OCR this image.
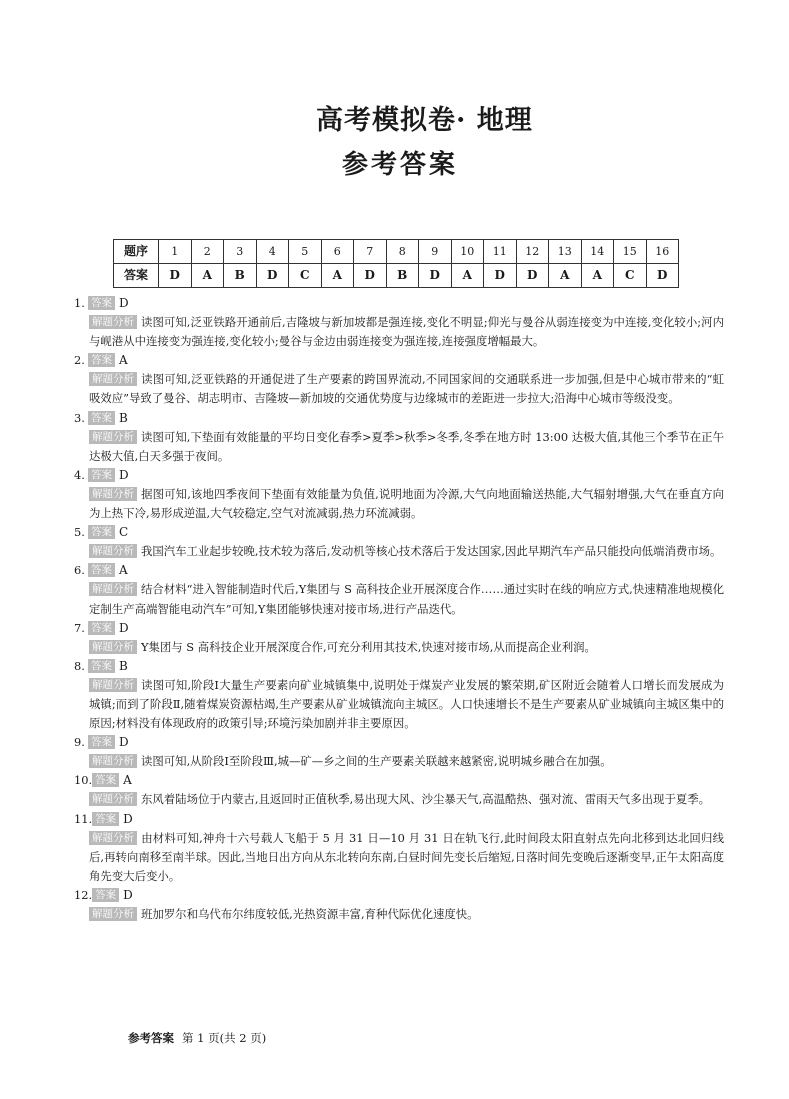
高考模拟卷· 地理
参考答案
题序	1	2	3	4	5	6	7	8	9	10	11	12	13	14	15	16
答案	D	A	B	D	C	A	D	B	D	A	D	D	A	A	C	D
1. 答案 D
解题分析 读图可知,泛亚铁路开通前后,吉隆坡与新加坡都是强连接,变化不明显;仰光与曼谷从弱连接变为中连接,变化较小;河内与岘港从中连接变为强连接,变化较小;曼谷与金边由弱连接变为强连接,连接强度增幅最大。
2. 答案 A
解题分析 读图可知,泛亚铁路的开通促进了生产要素的跨国界流动,不同国家间的交通联系进一步加强,但是中心城市带来的“虹吸效应”导致了曼谷、胡志明市、吉隆坡—新加坡的交通优势度与边缘城市的差距进一步拉大;沿海中心城市等级没变。
3. 答案 B
解题分析 读图可知,下垫面有效能量的平均日变化春季>夏季>秋季>冬季,冬季在地方时 13:00 达极大值,其他三个季节在正午达极大值,白天多强于夜间。
4. 答案 D
解题分析 据图可知,该地四季夜间下垫面有效能量为负值,说明地面为冷源,大气向地面输送热能,大气辐射增强,大气在垂直方向为上热下冷,易形成逆温,大气较稳定,空气对流减弱,热力环流减弱。
5. 答案 C
解题分析 我国汽车工业起步较晚,技术较为落后,发动机等核心技术落后于发达国家,因此早期汽车产品只能投向低端消费市场。
6. 答案 A
解题分析 结合材料“进入智能制造时代后,Y集团与 S 高科技企业开展深度合作……通过实时在线的响应方式,快速精准地规模化定制生产高端智能电动汽车”可知,Y集团能够快速对接市场,进行产品迭代。
7. 答案 D
解题分析 Y集团与 S 高科技企业开展深度合作,可充分利用其技术,快速对接市场,从而提高企业利润。
8. 答案 B
解题分析 读图可知,阶段Ⅰ大量生产要素向矿业城镇集中,说明处于煤炭产业发展的繁荣期,矿区附近会随着人口增长而发展成为城镇;而到了阶段Ⅱ,随着煤炭资源枯竭,生产要素从矿业城镇流向主城区。人口快速增长不是生产要素从矿业城镇向主城区集中的原因;材料没有体现政府的政策引导;环境污染加剧并非主要原因。
9. 答案 D
解题分析 读图可知,从阶段Ⅰ至阶段Ⅲ,城—矿—乡之间的生产要素关联越来越紧密,说明城乡融合在加强。
10. 答案 A
解题分析 东风着陆场位于内蒙古,且返回时正值秋季,易出现大风、沙尘暴天气,高温酷热、强对流、雷雨天气多出现于夏季。
11. 答案 D
解题分析 由材料可知,神舟十六号载人飞船于 5 月 31 日—10 月 31 日在轨飞行,此时间段太阳直射点先向北移到达北回归线后,再转向南移至南半球。因此,当地日出方向从东北转向东南,白昼时间先变长后缩短,日落时间先变晚后逐渐变早,正午太阳高度角先变大后变小。
12. 答案 D
解题分析 班加罗尔和乌代布尔纬度较低,光热资源丰富,育种代际优化速度快。
参考答案 第 1 页(共 2 页)
